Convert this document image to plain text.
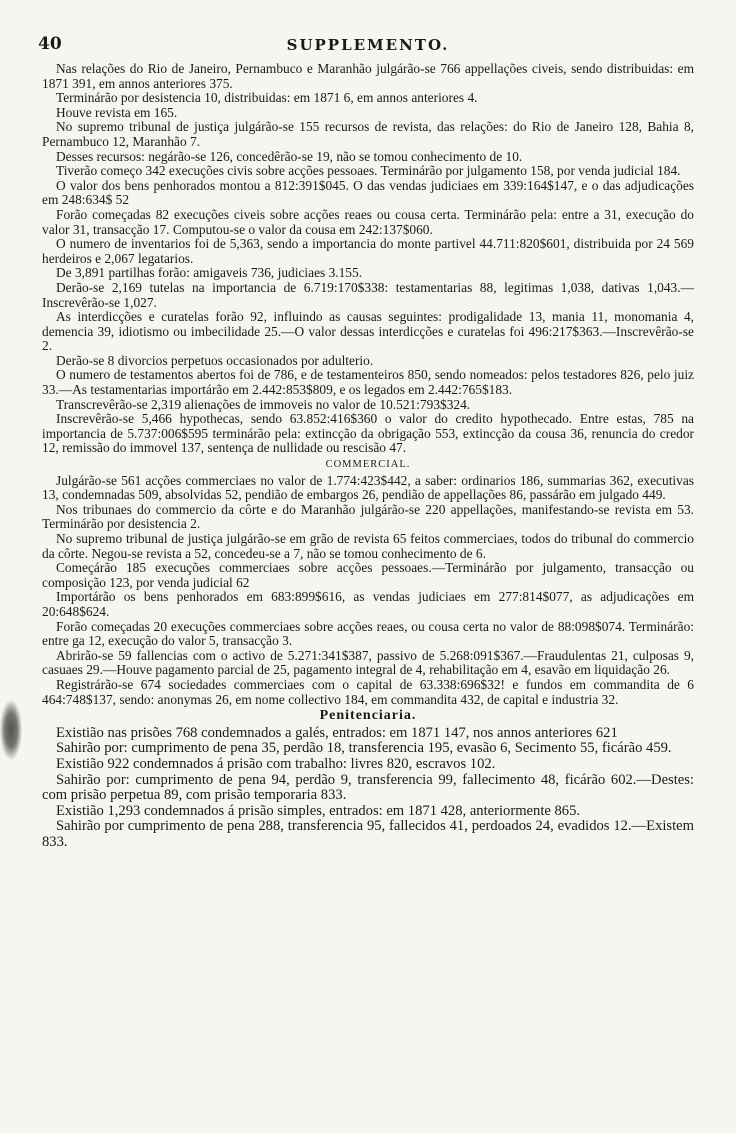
40	SUPPLEMENTO.

Nas relações do Rio de Janeiro, Pernambuco e Maranhão julgárão-se 766 appellações civeis, sendo distribuidas: em 1871 391, em annos anteriores 375.

Terminárão por desistencia 10, distribuidas: em 1871 6, em annos anteriores 4.

Houve revista em 165.

No supremo tribunal de justiça julgárão-se 155 recursos de revista, das relações: do Rio de Janeiro 128, Bahia 8, Pernambuco 12, Maranhão 7.

Desses recursos: negárão-se 126, concedêrão-se 19, não se tomou conhecimento de 10.

Tiverão começo 342 execuções civis sobre acções pessoaes. Terminárão por julgamento 158, por venda judicial 184.

O valor dos bens penhorados montou a 812:391$045. O das vendas judiciaes em 339:164$147, e o das adjudicações em 248:634$ 52

Forão começadas 82 execuções civeis sobre acções reaes ou cousa certa. Terminárão pela: entre a 31, execução do valor 31, transacção 17. Computou-se o valor da cousa em 242:137$060.

O numero de inventarios foi de 5,363, sendo a importancia do monte partivel 44.711:820$601, distribuida por 24 569 herdeiros e 2,067 legatarios.

De 3,891 partilhas forão: amigaveis 736, judiciaes 3.155.

Derão-se 2,169 tutelas na importancia de 6.719:170$338: testamentarias 88, legitimas 1,038, dativas 1,043.—Inscrevêrão-se 1,027.

As interdicções e curatelas forão 92, influindo as causas seguintes: prodigalidade 13, mania 11, monomania 4, demencia 39, idiotismo ou imbecilidade 25.—O valor dessas interdicções e curatelas foi 496:217$363.—Inscrevêrão-se 2.

Derão-se 8 divorcios perpetuos occasionados por adulterio.

O numero de testamentos abertos foi de 786, e de testamenteiros 850, sendo nomeados: pelos testadores 826, pelo juiz 33.—As testamentarias importárão em 2.442:853$809, e os legados em 2.442:765$183.

Transcrevêrão-se 2,319 alienações de immoveis no valor de 10.521:793$324.

Inscrevêrão-se 5,466 hypothecas, sendo 63.852:416$360 o valor do credito hypothecado. Entre estas, 785 na importancia de 5.737:006$595 terminárão pela: extincção da obrigação 553, extincção da cousa 36, renuncia do credor 12, remissão do immovel 137, sentença de nullidade ou rescisão 47.

COMMERCIAL.

Julgárão-se 561 acções commerciaes no valor de 1.774:423$442, a saber: ordinarios 186, summarias 362, executivas 13, condemnadas 509, absolvidas 52, pendião de embargos 26, pendião de appellações 86, passárão em julgado 449.

Nos tribunaes do commercio da côrte e do Maranhão julgárão-se 220 appellações, manifestando-se revista em 53. Terminárão por desistencia 2.

No supremo tribunal de justiça julgárão-se em grão de revista 65 feitos commerciaes, todos do tribunal do commercio da côrte. Negou-se revista a 52, concedeu-se a 7, não se tomou conhecimento de 6.

Começárão 185 execuções commerciaes sobre acções pessoaes.—Terminárão por julgamento, transacção ou composição 123, por venda judicial 62

Importárão os bens penhorados em 683:899$616, as vendas judiciaes em 277:814$077, as adjudicações em 20:648$624.

Forão começadas 20 execuções commerciaes sobre acções reaes, ou cousa certa no valor de 88:098$074. Terminárão: entre ga 12, execução do valor 5, transacção 3.

Abrirão-se 59 fallencias com o activo de 5.271:341$387, passivo de 5.268:091$367.—Fraudulentas 21, culposas 9, casuaes 29.—Houve pagamento parcial de 25, pagamento integral de 4, rehabilitação em 4, esavão em liquidação 26.

Registrárão-se 674 sociedades commerciaes com o capital de 63.338:696$32! e fundos em commandita de 6 464:748$137, sendo: anonymas 26, em nome collectivo 184, em commandita 432, de capital e industria 32.

Penitenciaria.

Existião nas prisões 768 condemnados a galés, entrados: em 1871 147, nos annos anteriores 621

Sahirão por: cumprimento de pena 35, perdão 18, transferencia 195, evasão 6, Secimento 55, ficárão 459.

Existião 922 condemnados á prisão com trabalho: livres 820, escravos 102.

Sahirão por: cumprimento de pena 94, perdão 9, transferencia 99, fallecimento 48, ficárão 602.—Destes: com prisão perpetua 89, com prisão temporaria 833.

Existião 1,293 condemnados á prisão simples, entrados: em 1871 428, anteriormente 865.

Sahirão por cumprimento de pena 288, transferencia 95, fallecidos 41, perdoados 24, evadidos 12.—Existem 833.
